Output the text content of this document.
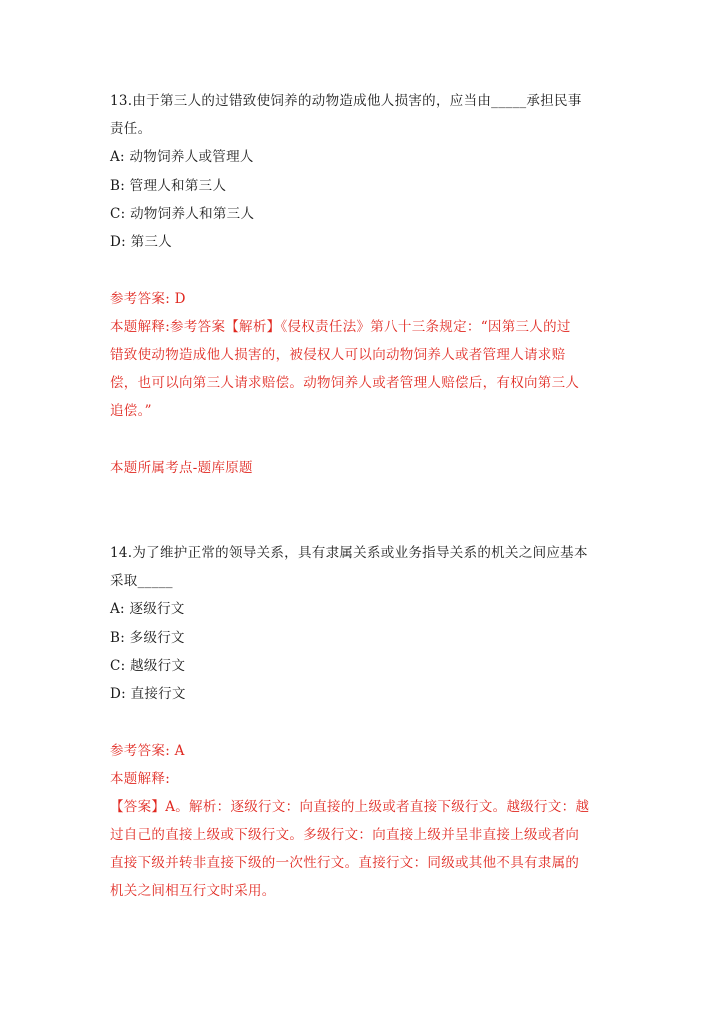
13.由于第三人的过错致使饲养的动物造成他人损害的，应当由_____承担民事
责任。
A: 动物饲养人或管理人
B: 管理人和第三人
C: 动物饲养人和第三人
D: 第三人
参考答案: D
本题解释:参考答案【解析】《侵权责任法》第八十三条规定：“因第三人的过
错致使动物造成他人损害的，被侵权人可以向动物饲养人或者管理人请求赔
偿，也可以向第三人请求赔偿。动物饲养人或者管理人赔偿后，有权向第三人
追偿。”
本题所属考点-题库原题
14.为了维护正常的领导关系，具有隶属关系或业务指导关系的机关之间应基本
采取_____
A: 逐级行文
B: 多级行文
C: 越级行文
D: 直接行文
参考答案: A
本题解释:
【答案】A。解析：逐级行文：向直接的上级或者直接下级行文。越级行文：越
过自己的直接上级或下级行文。多级行文：向直接上级并呈非直接上级或者向
直接下级并转非直接下级的一次性行文。直接行文：同级或其他不具有隶属的
机关之间相互行文时采用。
